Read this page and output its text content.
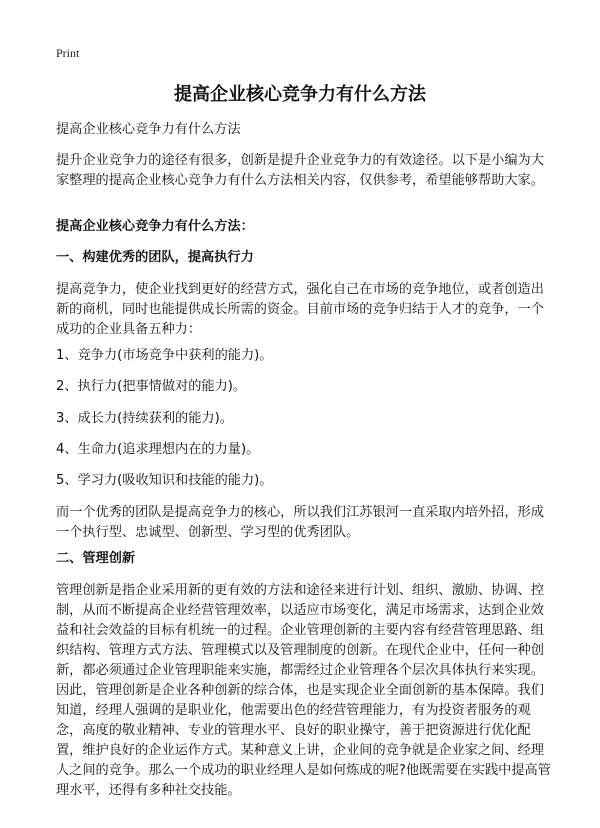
Print
提高企业核心竞争力有什么方法
提高企业核心竞争力有什么方法
提升企业竞争力的途径有很多，创新是提升企业竞争力的有效途径。以下是小编为大家整理的提高企业核心竞争力有什么方法相关内容，仅供参考，希望能够帮助大家。
提高企业核心竞争力有什么方法：
一、构建优秀的团队，提高执行力
提高竞争力，使企业找到更好的经营方式，强化自己在市场的竞争地位，或者创造出新的商机，同时也能提供成长所需的资金。目前市场的竞争归结于人才的竞争，一个成功的企业具备五种力：
1、竞争力(市场竞争中获利的能力)。
2、执行力(把事情做对的能力)。
3、成长力(持续获利的能力)。
4、生命力(追求理想内在的力量)。
5、学习力(吸收知识和技能的能力)。
而一个优秀的团队是提高竞争力的核心，所以我们江苏银河一直采取内培外招，形成一个执行型、忠诚型、创新型、学习型的优秀团队。
二、管理创新
管理创新是指企业采用新的更有效的方法和途径来进行计划、组织、激励、协调、控制，从而不断提高企业经营管理效率，以适应市场变化，满足市场需求，达到企业效益和社会效益的目标有机统一的过程。企业管理创新的主要内容有经营管理思路、组织结构、管理方式方法、管理模式以及管理制度的创新。在现代企业中，任何一种创新，都必须通过企业管理职能来实施，都需经过企业管理各个层次具体执行来实现。因此，管理创新是企业各种创新的综合体，也是实现企业全面创新的基本保障。我们知道，经理人强调的是职业化，他需要出色的经营管理能力，有为投资者服务的观念，高度的敬业精神、专业的管理水平、良好的职业操守，善于把资源进行优化配置，维护良好的企业运作方式。某种意义上讲，企业间的竞争就是企业家之间、经理人之间的竞争。那么一个成功的职业经理人是如何炼成的呢?他既需要在实践中提高管理水平，还得有多种社交技能。
